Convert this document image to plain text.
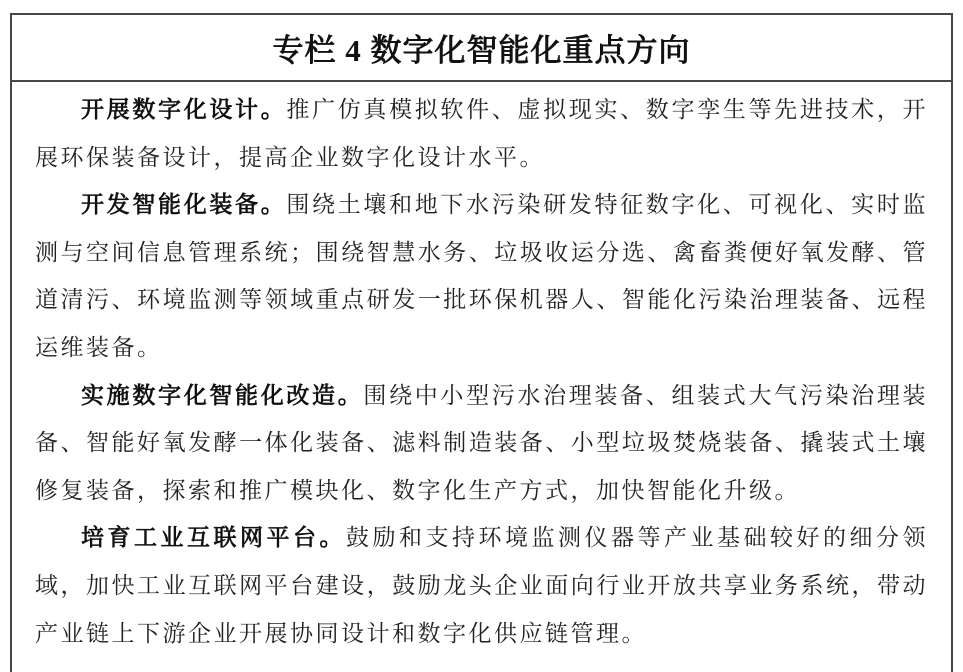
专栏 4 数字化智能化重点方向

开展数字化设计。推广仿真模拟软件、虚拟现实、数字孪生等先进技术，开展环保装备设计，提高企业数字化设计水平。

开发智能化装备。围绕土壤和地下水污染研发特征数字化、可视化、实时监测与空间信息管理系统；围绕智慧水务、垃圾收运分选、禽畜粪便好氧发酵、管道清污、环境监测等领域重点研发一批环保机器人、智能化污染治理装备、远程运维装备。

实施数字化智能化改造。围绕中小型污水治理装备、组装式大气污染治理装备、智能好氧发酵一体化装备、滤料制造装备、小型垃圾焚烧装备、撬装式土壤修复装备，探索和推广模块化、数字化生产方式，加快智能化升级。

培育工业互联网平台。鼓励和支持环境监测仪器等产业基础较好的细分领域，加快工业互联网平台建设，鼓励龙头企业面向行业开放共享业务系统，带动产业链上下游企业开展协同设计和数字化供应链管理。
